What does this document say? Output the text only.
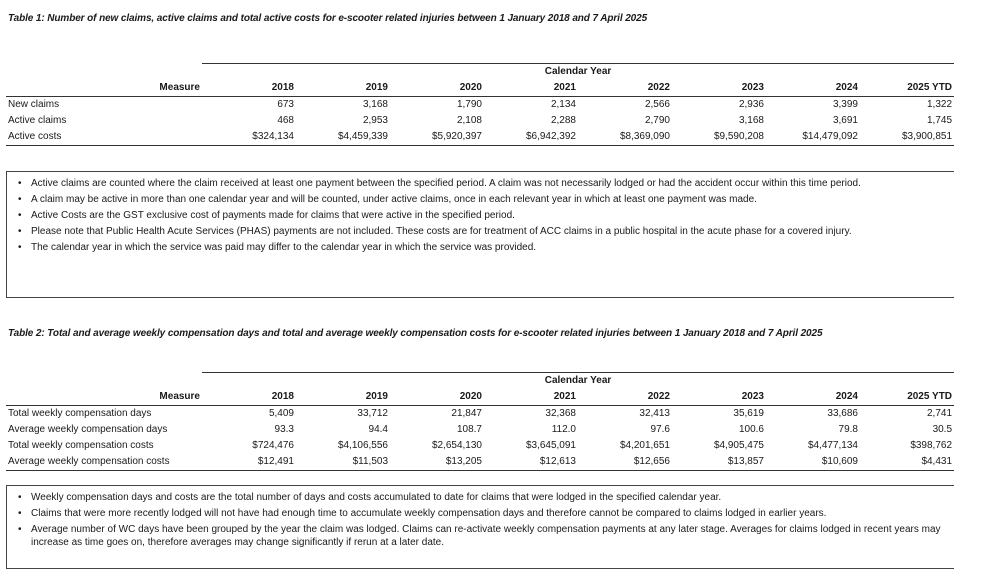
Table 1: Number of new claims, active claims and total active costs for e-scooter related injuries between 1 January 2018 and 7 April 2025
	Calendar Year							
Measure	2018	2019	2020	2021	2022	2023	2024	2025 YTD
New claims	673	3,168	1,790	2,134	2,566	2,936	3,399	1,322
Active claims	468	2,953	2,108	2,288	2,790	3,168	3,691	1,745
Active costs	$324,134	$4,459,339	$5,920,397	$6,942,392	$8,369,090	$9,590,208	$14,479,092	$3,900,851
• Active claims are counted where the claim received at least one payment between the specified period. A claim was not necessarily lodged or had the accident occur within this time period.
• A claim may be active in more than one calendar year and will be counted, under active claims, once in each relevant year in which at least one payment was made.
• Active Costs are the GST exclusive cost of payments made for claims that were active in the specified period.
• Please note that Public Health Acute Services (PHAS) payments are not included. These costs are for treatment of ACC claims in a public hospital in the acute phase for a covered injury.
• The calendar year in which the service was paid may differ to the calendar year in which the service was provided.
Table 2: Total and average weekly compensation days and total and average weekly compensation costs for e-scooter related injuries between 1 January 2018 and 7 April 2025
	Calendar Year							
Measure	2018	2019	2020	2021	2022	2023	2024	2025 YTD
Total weekly compensation days	5,409	33,712	21,847	32,368	32,413	35,619	33,686	2,741
Average weekly compensation days	93.3	94.4	108.7	112.0	97.6	100.6	79.8	30.5
Total weekly compensation costs	$724,476	$4,106,556	$2,654,130	$3,645,091	$4,201,651	$4,905,475	$4,477,134	$398,762
Average weekly compensation costs	$12,491	$11,503	$13,205	$12,613	$12,656	$13,857	$10,609	$4,431
• Weekly compensation days and costs are the total number of days and costs accumulated to date for claims that were lodged in the specified calendar year.
• Claims that were more recently lodged will not have had enough time to accumulate weekly compensation days and therefore cannot be compared to claims lodged in earlier years.
• Average number of WC days have been grouped by the year the claim was lodged. Claims can re-activate weekly compensation payments at any later stage. Averages for claims lodged in recent years may increase as time goes on, therefore averages may change significantly if rerun at a later date.
